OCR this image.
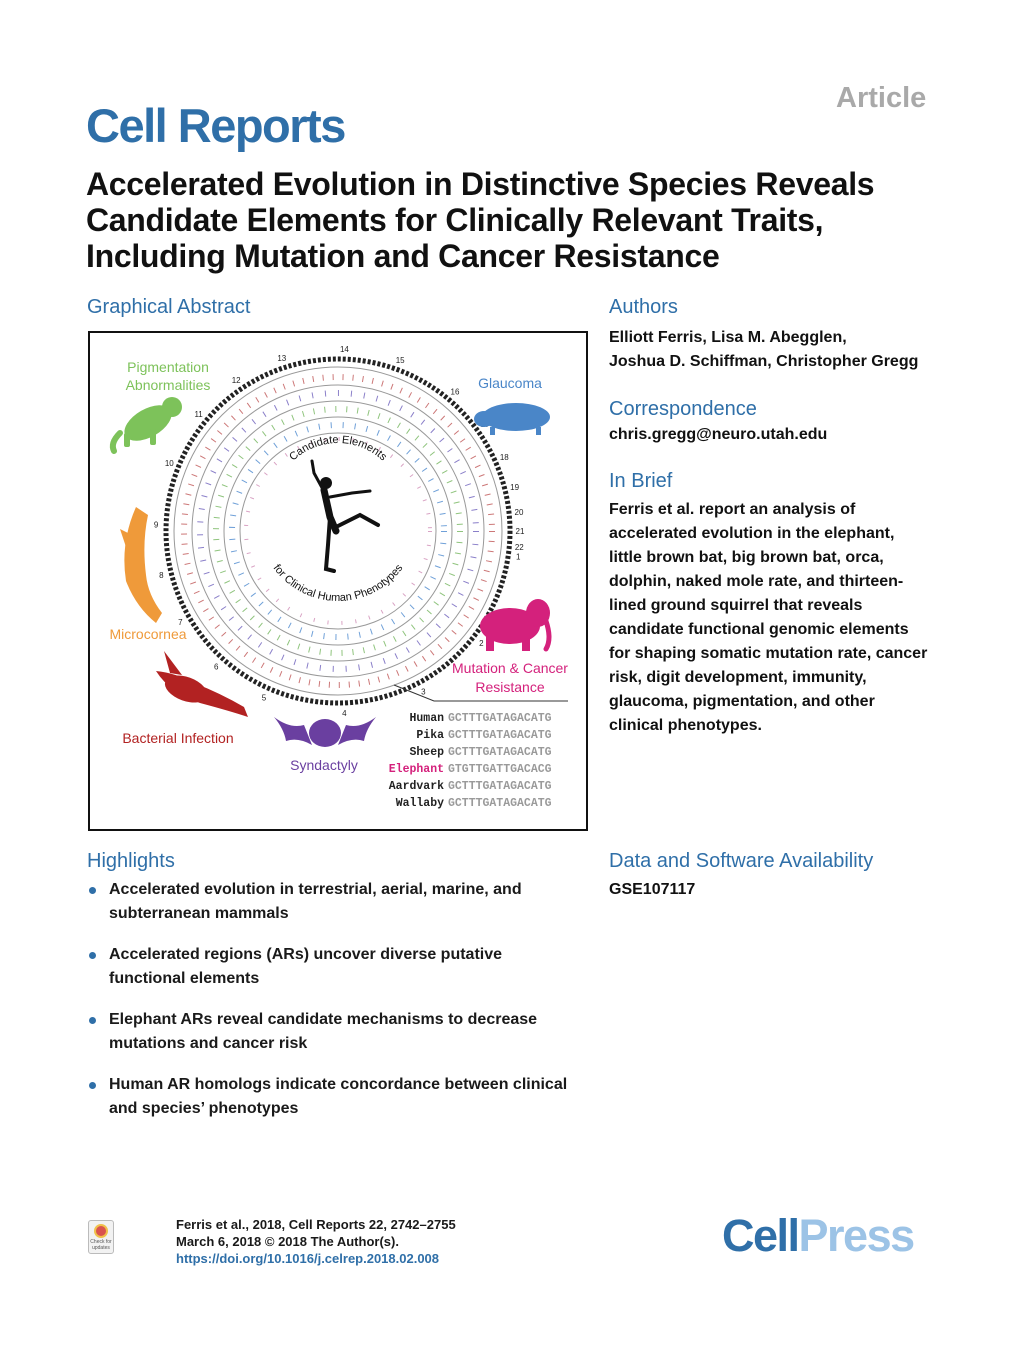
Article
Cell Reports
Accelerated Evolution in Distinctive Species Reveals
Candidate Elements for Clinically Relevant Traits,
Including Mutation and Cancer Resistance
Graphical Abstract
1
2
3
4
5
6
7
8
9
10
11
12
13
14
15
16
18
19
20
21
22
Candidate Elements
for Clinical Human Phenotypes
Pigmentation
Abnormalities	Glaucoma
Microcornea
Mutation & Cancer
Resistance
Bacterial Infection
Syndactyly
Human GCTTTGATAGACATG
Pika GCTTTGATAGACATG
Sheep GCTTTGATAGACATG
Elephant GTGTTGATTGACACG
Aardvark GCTTTGATAGACATG
Wallaby GCTTTGATAGACATG
Authors
Elliott Ferris, Lisa M. Abegglen,
Joshua D. Schiffman, Christopher Gregg
Correspondence
chris.gregg@neuro.utah.edu
In Brief
Ferris et al. report an analysis of
accelerated evolution in the elephant,
little brown bat, big brown bat, orca,
dolphin, naked mole rate, and thirteen-
lined ground squirrel that reveals
candidate functional genomic elements
for shaping somatic mutation rate, cancer
risk, digit development, immunity,
glaucoma, pigmentation, and other
clinical phenotypes.
Highlights
Accelerated evolution in terrestrial, aerial, marine, and
subterranean mammals
Accelerated regions (ARs) uncover diverse putative
functional elements
Elephant ARs reveal candidate mechanisms to decrease
mutations and cancer risk
Human AR homologs indicate concordance between clinical
and species’ phenotypes
Data and Software Availability
GSE107117
Check for
updates
Ferris et al., 2018, Cell Reports 22, 2742–2755
March 6, 2018 © 2018 The Author(s).
https://doi.org/10.1016/j.celrep.2018.02.008	CellPress
